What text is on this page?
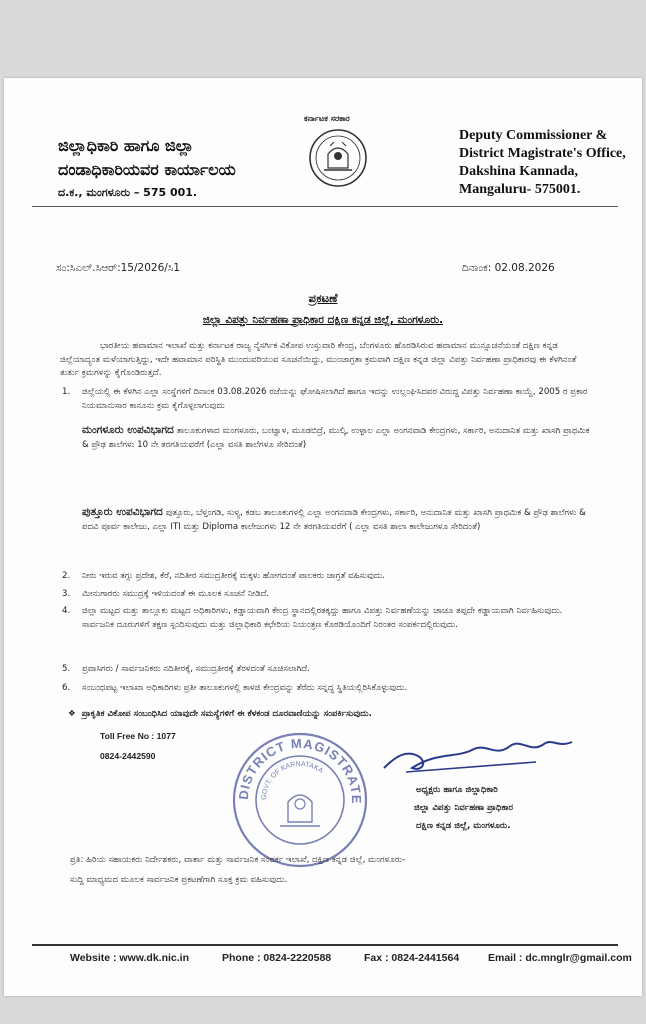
ಜಿಲ್ಲಾಧಿಕಾರಿ ಹಾಗೂ ಜಿಲ್ಲಾ
ದಂಡಾಧಿಕಾರಿಯವರ ಕಾರ್ಯಾಲಯ
ದ.ಕ., ಮಂಗಳೂರು – 575 001.
ಕರ್ನಾಟಕ ಸರಕಾರ
Deputy Commissioner &
District Magistrate's Office,
Dakshina Kannada,
Mangaluru- 575001.
ಸಂ:ಸಿಎಲ್.ಸಿಆರ್:15/2026/ಸಿ1	ದಿನಾಂಕ: 02.08.2026
ಪ್ರಕಟಣೆ
ಜಿಲ್ಲಾ ವಿಪತ್ತು ನಿರ್ವಹಣಾ ಪ್ರಾಧಿಕಾರ ದಕ್ಷಿಣ ಕನ್ನಡ ಜಿಲ್ಲೆ, ಮಂಗಳೂರು.
ಭಾರತೀಯ ಹವಾಮಾನ ಇಲಾಖೆ ಮತ್ತು ಕರ್ನಾಟಕ ರಾಜ್ಯ ನೈಸರ್ಗಿಕ ವಿಕೋಪ ಉಸ್ತುವಾರಿ ಕೇಂದ್ರ, ಬೆಂಗಳೂರು ಹೊರಡಿಸಿರುವ ಹವಾಮಾನ ಮುನ್ಸೂಚನೆಯಂತೆ ದಕ್ಷಿಣ ಕನ್ನಡ ಜಿಲ್ಲೆಯಾದ್ಯಂತ ಮಳೆಯಾಗುತ್ತಿದ್ದು, ಇದೇ ಹವಾಮಾನ ಪರಿಸ್ಥಿತಿ ಮುಂದುವರಿಯುವ ಸೂಚನೆಯಿದ್ದು, ಮುಂಜಾಗ್ರತಾ ಕ್ರಮವಾಗಿ ದಕ್ಷಿಣ ಕನ್ನಡ ಜಿಲ್ಲಾ ವಿಪತ್ತು ನಿರ್ವಹಣಾ ಪ್ರಾಧಿಕಾರವು ಈ ಕೆಳಗಿನಂತೆ ತುರ್ತು ಕ್ರಮಗಳನ್ನು ಕೈಗೊಂಡಿರುತ್ತದೆ.
1.	ಜಿಲ್ಲೆಯಲ್ಲಿ ಈ ಕೆಳಗಿನ ಎಲ್ಲಾ ಸಂಸ್ಥೆಗಳಿಗೆ ದಿನಾಂಕ 03.08.2026 ರಜೆಯನ್ನು ಘೋಷಿಸಲಾಗಿದೆ ಹಾಗೂ ಇದನ್ನು ಉಲ್ಲಂಘಿಸಿದವರ ವಿರುದ್ಧ ವಿಪತ್ತು ನಿರ್ವಹಣಾ ಕಾಯ್ದೆ, 2005 ರ ಪ್ರಕಾರ ನಿಯಮಾನುಸಾರ ಕಾನೂನು ಕ್ರಮ ಕೈಗೊಳ್ಳಲಾಗುವುದು
ಮಂಗಳೂರು ಉಪವಿಭಾಗದ ತಾಲೂಕುಗಳಾದ ಮಂಗಳೂರು, ಬಂಟ್ವಾಳ, ಮೂಡಬಿದ್ರೆ, ಮುಲ್ಕಿ, ಉಳ್ಳಾಲ ಎಲ್ಲಾ ಅಂಗನವಾಡಿ ಕೇಂದ್ರಗಳು, ಸರ್ಕಾರಿ, ಅನುದಾನಿತ ಮತ್ತು ಖಾಸಗಿ ಪ್ರಾಥಮಿಕ & ಪ್ರೌಢ ಶಾಲೆಗಳು 10 ನೇ ತರಗತಿಯವರೆಗೆ (ಎಲ್ಲಾ ವಸತಿ ಶಾಲೆಗಳೂ ಸೇರಿದಂತೆ)
ಪುತ್ತೂರು ಉಪವಿಭಾಗದ ಪುತ್ತೂರು, ಬೆಳ್ತಂಗಡಿ, ಸುಳ್ಯ, ಕಡಬ ತಾಲೂಕುಗಳಲ್ಲಿ ಎಲ್ಲಾ ಅಂಗನವಾಡಿ ಕೇಂದ್ರಗಳು, ಸರ್ಕಾರಿ, ಅನುದಾನಿತ ಮತ್ತು ಖಾಸಗಿ ಪ್ರಾಥಮಿಕ & ಪ್ರೌಢ ಶಾಲೆಗಳು & ಪದವಿ ಪೂರ್ವ ಕಾಲೇಜು, ಎಲ್ಲಾ ITI ಮತ್ತು Diploma ಕಾಲೇಜುಗಳು 12 ನೇ ತರಗತಿಯವರೆಗೆ ( ಎಲ್ಲಾ ವಸತಿ ಶಾಲಾ ಕಾಲೇಜುಗಳೂ ಸೇರಿದಂತೆ)
2.	ನೀರು ಇರುವ ತಗ್ಗು ಪ್ರದೇಶ, ಕೆರೆ, ನದಿತೀರ ಸಮುದ್ರತೀರಕ್ಕೆ ಮಕ್ಕಳು ಹೋಗದಂತೆ ಪಾಲಕರು ಜಾಗ್ರತೆ ವಹಿಸುವುದು.
3.	ಮೀನುಗಾರರು ಸಮುದ್ರಕ್ಕೆ ಇಳಿಯದಂತೆ ಈ ಮೂಲಕ ಸೂಚನೆ ನೀಡಿದೆ.
4.	ಜಿಲ್ಲಾ ಮಟ್ಟದ ಮತ್ತು ತಾಲ್ಲೂಕು ಮಟ್ಟದ ಅಧಿಕಾರಿಗಳು, ಕಡ್ಡಾಯವಾಗಿ ಕೇಂದ್ರ ಸ್ಥಾನದಲ್ಲಿರತಕ್ಕದ್ದು ಹಾಗೂ ವಿಪತ್ತು ನಿರ್ವಹಣೆಯನ್ನು ಚಾಚೂ ತಪ್ಪದೇ ಕಡ್ಡಾಯವಾಗಿ ನಿರ್ವಹಿಸುವುದು. ಸಾರ್ವಜನಿಕ ದೂರುಗಳಿಗೆ ತಕ್ಷಣ ಸ್ಪಂದಿಸುವುದು ಮತ್ತು ಜಿಲ್ಲಾಧಿಕಾರಿ ಕಛೇರಿಯ ನಿಯಂತ್ರಣ ಕೊಠಡಿಯೊಂದಿಗೆ ನಿರಂತರ ಸಂಪರ್ಕದಲ್ಲಿರುವುದು.
5.	ಪ್ರವಾಸಿಗರು / ಸಾರ್ವಜನಿಕರು ನದಿತೀರಕ್ಕೆ, ಸಮುದ್ರತೀರಕ್ಕೆ ತೆರಳದಂತೆ ಸೂಚಿಸಲಾಗಿದೆ.
6.	ಸಂಬಂಧಪಟ್ಟ ಇಲಾಖಾ ಅಧಿಕಾರಿಗಳು ಪ್ರತೀ ತಾಲೂಕುಗಳಲ್ಲಿ ಕಾಳಜಿ ಕೇಂದ್ರವನ್ನು ತೆರೆದು ಸನ್ನದ್ಧ ಸ್ಥಿತಿಯಲ್ಲಿರಿಸಿಕೊಳ್ಳುವುದು.
❖ ಪ್ರಾಕೃತಿಕ ವಿಕೋಪ ಸಂಬಂಧಿಸಿದ ಯಾವುದೇ ಸಮಸ್ಯೆಗಳಿಗೆ ಈ ಕೆಳಕಂಡ ದೂರವಾಣಿಯನ್ನು ಸಂಪರ್ಕಿಸುವುದು.
Toll Free No : 1077
0824-2442590
DISTRICT MAGISTRATE
GOVT. OF KARNATAKA
ಅಧ್ಯಕ್ಷರು ಹಾಗೂ ಜಿಲ್ಲಾಧಿಕಾರಿ
ಜಿಲ್ಲಾ ವಿಪತ್ತು ನಿರ್ವಹಣಾ ಪ್ರಾಧಿಕಾರ
ದಕ್ಷಿಣ ಕನ್ನಡ ಜಿಲ್ಲೆ, ಮಂಗಳೂರು.
ಪ್ರತಿ: ಹಿರಿಯ ಸಹಾಯಕರು ನಿರ್ದೇಶಕರು, ವಾರ್ತಾ ಮತ್ತು ಸಾರ್ವಜನಿಕ ಸಂಪರ್ಕ ಇಲಾಖೆ, ದಕ್ಷಿಣ ಕನ್ನಡ ಜಿಲ್ಲೆ, ಮಂಗಳೂರು-
ಸುದ್ದಿ ಮಾಧ್ಯಮದ ಮೂಲಕ ಸಾರ್ವಜನಿಕ ಪ್ರಕಟಣೆಗಾಗಿ ಸೂಕ್ತ ಕ್ರಮ ವಹಿಸುವುದು.
Website : www.dk.nic.in	Phone : 0824-2220588	Fax : 0824-2441564	Email : dc.mnglr@gmail.com
